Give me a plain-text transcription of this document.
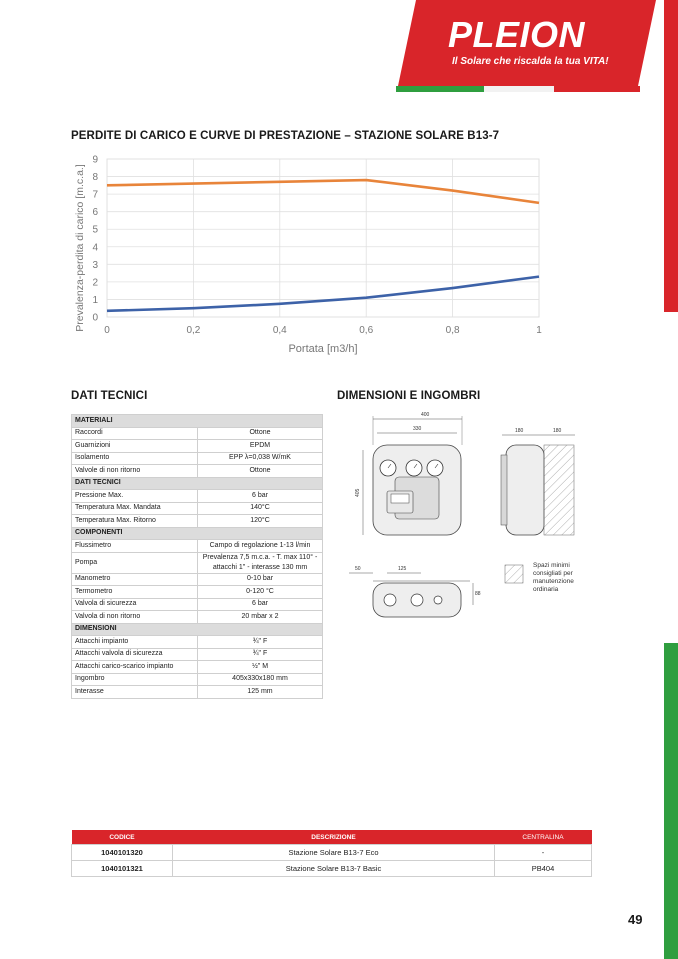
PLEION
Il Solare che riscalda la tua VITA!
PERDITE DI CARICO E CURVE DI PRESTAZIONE – STAZIONE SOLARE B13-7
0
1
2
3
4
5
6
7
8
9
0	0,2	0,4	0,6	0,8	1
Portata [m3/h]
Prevalenza-perdita di carico [m.c.a.]
DATI TECNICI
MATERIALI	
Raccordi	Ottone
Guarnizioni	EPDM
Isolamento	EPP λ=0,038 W/mK
Valvole di non ritorno	Ottone
DATI TECNICI	
Pressione Max.	6 bar
Temperatura Max. Mandata	140°C
Temperatura Max. Ritorno	120°C
COMPONENTI	
Flussimetro	Campo di regolazione 1-13 l/min
Pompa	Prevalenza 7,5 m.c.a. - T. max 110° - attacchi 1" - interasse 130 mm
Manometro	0-10 bar
Termometro	0-120 °C
Valvola di sicurezza	6 bar
Valvola di non ritorno	20 mbar x 2
DIMENSIONI	
Attacchi impianto	¾" F
Attacchi valvola di sicurezza	¾" F
Attacchi carico-scarico impianto	½" M
Ingombro	405x330x180 mm
Interasse	125 mm
DIMENSIONI E INGOMBRI
400
330
405
180	180
50	125
88
Spazi minimi consigliati per manutenzione ordinaria
CODICE	DESCRIZIONE	CENTRALINA
1040101320	Stazione Solare B13-7 Eco	-
1040101321	Stazione Solare B13-7 Basic	PB404
49
